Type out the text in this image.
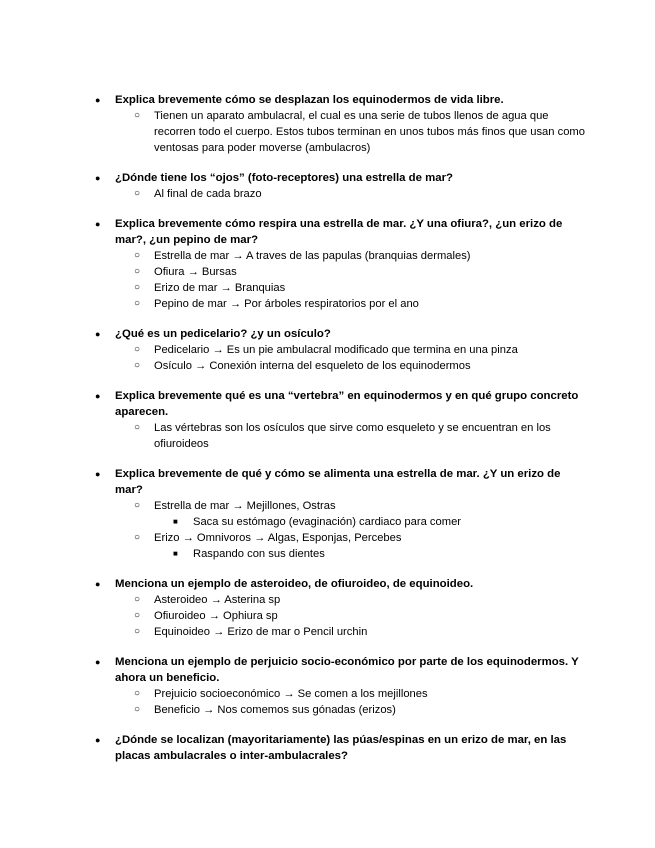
● Explica brevemente cómo se desplazan los equinodermos de vida libre.
○ Tienen un aparato ambulacral, el cual es una serie de tubos llenos de agua que recorren todo el cuerpo. Estos tubos terminan en unos tubos más finos que usan como ventosas para poder moverse (ambulacros)
● ¿Dónde tiene los “ojos” (foto-receptores) una estrella de mar?
○ Al final de cada brazo
● Explica brevemente cómo respira una estrella de mar. ¿Y una ofiura?, ¿un erizo de mar?, ¿un pepino de mar?
○ Estrella de mar → A traves de las papulas (branquias dermales)
○ Ofiura → Bursas
○ Erizo de mar → Branquias
○ Pepino de mar → Por árboles respiratorios por el ano
● ¿Qué es un pedicelario? ¿y un osículo?
○ Pedicelario → Es un pie ambulacral modificado que termina en una pinza
○ Osículo → Conexión interna del esqueleto de los equinodermos
● Explica brevemente qué es una “vertebra” en equinodermos y en qué grupo concreto aparecen.
○ Las vértebras son los osículos que sirve como esqueleto y se encuentran en los ofiuroideos
● Explica brevemente de qué y cómo se alimenta una estrella de mar. ¿Y un erizo de mar?
○ Estrella de mar → Mejillones, Ostras
■ Saca su estómago (evaginación) cardiaco para comer
○ Erizo → Omnivoros → Algas, Esponjas, Percebes
■ Raspando con sus dientes
● Menciona un ejemplo de asteroideo, de ofiuroideo, de equinoideo.
○ Asteroideo → Asterina sp
○ Ofiuroideo → Ophiura sp
○ Equinoideo → Erizo de mar o Pencil urchin
● Menciona un ejemplo de perjuicio socio-económico por parte de los equinodermos. Y ahora un beneficio.
○ Prejuicio socioeconómico → Se comen a los mejillones
○ Beneficio → Nos comemos sus gónadas (erizos)
● ¿Dónde se localizan (mayoritariamente) las púas/espinas en un erizo de mar, en las placas ambulacrales o inter-ambulacrales?
